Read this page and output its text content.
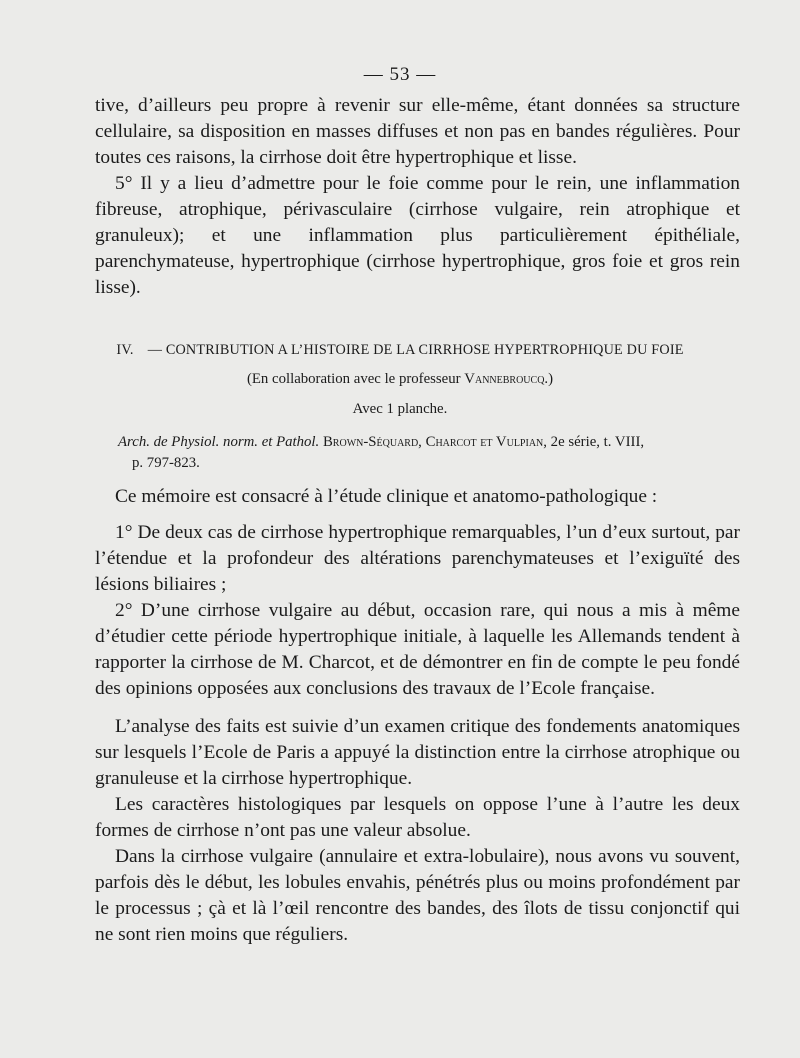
— 53 —

tive, d’ailleurs peu propre à revenir sur elle-même, étant données sa structure cellulaire, sa disposition en masses diffuses et non pas en bandes régulières. Pour toutes ces raisons, la cirrhose doit être hypertrophique et lisse.

5° Il y a lieu d’admettre pour le foie comme pour le rein, une inflammation fibreuse, atrophique, périvasculaire (cirrhose vulgaire, rein atrophique et granuleux); et une inflammation plus particulièrement épithéliale, parenchymateuse, hypertrophique (cirrhose hypertrophique, gros foie et gros rein lisse).

IV. — CONTRIBUTION A L’HISTOIRE DE LA CIRRHOSE HYPERTROPHIQUE DU FOIE
(En collaboration avec le professeur Vannebroucq.)
Avec 1 planche.
Arch. de Physiol. norm. et Pathol. Brown-Séquard, Charcot et Vulpian, 2e série, t. VIII,
p. 797-823.

Ce mémoire est consacré à l’étude clinique et anatomo-pathologique :

1° De deux cas de cirrhose hypertrophique remarquables, l’un d’eux surtout, par l’étendue et la profondeur des altérations parenchymateuses et l’exiguïté des lésions biliaires ;

2° D’une cirrhose vulgaire au début, occasion rare, qui nous a mis à même d’étudier cette période hypertrophique initiale, à laquelle les Allemands tendent à rapporter la cirrhose de M. Charcot, et de démontrer en fin de compte le peu fondé des opinions opposées aux conclusions des travaux de l’Ecole française.

L’analyse des faits est suivie d’un examen critique des fondements anatomiques sur lesquels l’Ecole de Paris a appuyé la distinction entre la cirrhose atrophique ou granuleuse et la cirrhose hypertrophique.

Les caractères histologiques par lesquels on oppose l’une à l’autre les deux formes de cirrhose n’ont pas une valeur absolue.

Dans la cirrhose vulgaire (annulaire et extra-lobulaire), nous avons vu souvent, parfois dès le début, les lobules envahis, pénétrés plus ou moins profondément par le processus ; çà et là l’œil rencontre des bandes, des îlots de tissu conjonctif qui ne sont rien moins que réguliers.
